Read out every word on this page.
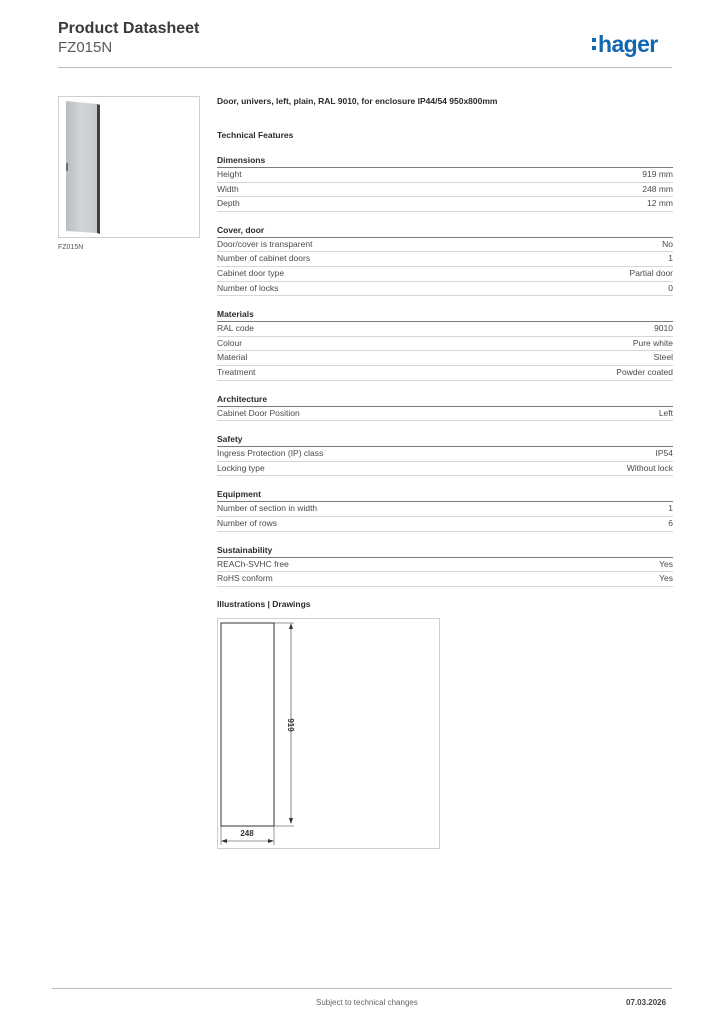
Product Datasheet
FZ015N	hager
FZ015N
Door, univers, left, plain, RAL 9010, for enclosure IP44/54 950x800mm
Technical Features
Dimensions
Height	919 mm
Width	248 mm
Depth	12 mm
Cover, door
Door/cover is transparent	No
Number of cabinet doors	1
Cabinet door type	Partial door
Number of locks	0
Materials
RAL code	9010
Colour	Pure white
Material	Steel
Treatment	Powder coated
Architecture
Cabinet Door Position	Left
Safety
Ingress Protection (IP) class	IP54
Locking type	Without lock
Equipment
Number of section in width	1
Number of rows	6
Sustainability
REACh-SVHC free	Yes
RoHS conform	Yes
Illustrations | Drawings
919
248
Subject to technical changes	07.03.2026
